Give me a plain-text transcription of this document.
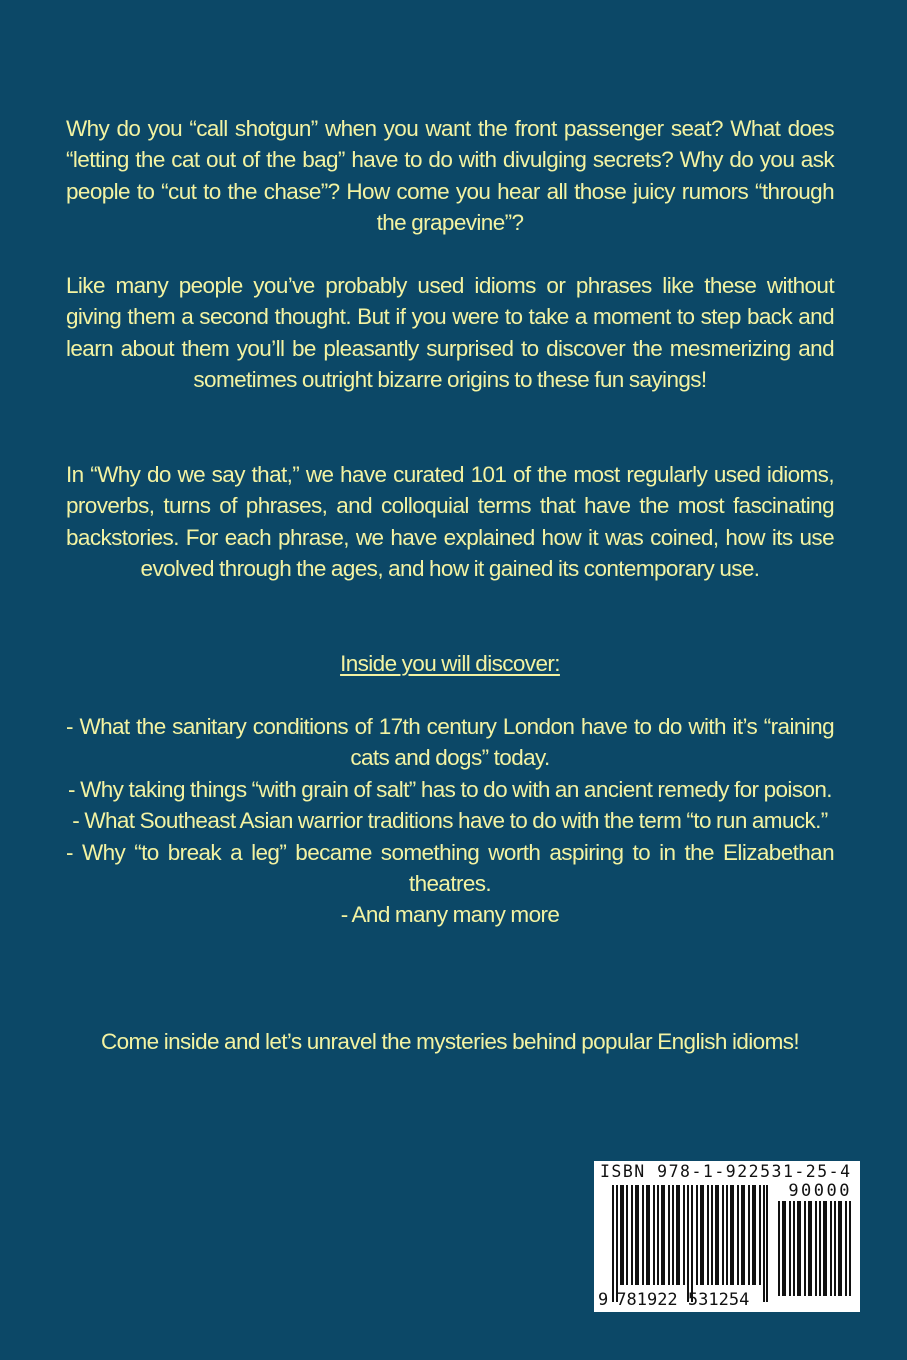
Why do you “call shotgun” when you want the front passenger seat? What does “letting the cat out of the bag” have to do with divulging secrets? Why do you ask people to “cut to the chase”? How come you hear all those juicy rumors “through the grapevine”?

Like many people you’ve probably used idioms or phrases like these without giving them a second thought. But if you were to take a moment to step back and learn about them you’ll be pleasantly surprised to discover the mesmerizing and sometimes outright bizarre origins to these fun sayings!

In “Why do we say that,” we have curated 101 of the most regularly used idioms, proverbs, turns of phrases, and colloquial terms that have the most fascinating backstories. For each phrase, we have explained how it was coined, how its use evolved through the ages, and how it gained its contemporary use.

Inside you will discover:

- What the sanitary conditions of 17th century London have to do with it’s “raining cats and dogs” today.

- Why taking things “with grain of salt” has to do with an ancient remedy for poison.

- What Southeast Asian warrior traditions have to do with the term “to run amuck.”

- Why “to break a leg” became something worth aspiring to in the Elizabethan theatres.

- And many many more

Come inside and let’s unravel the mysteries behind popular English idioms!

ISBN 978-1-922531-25-4
90000
9 781922 531254
